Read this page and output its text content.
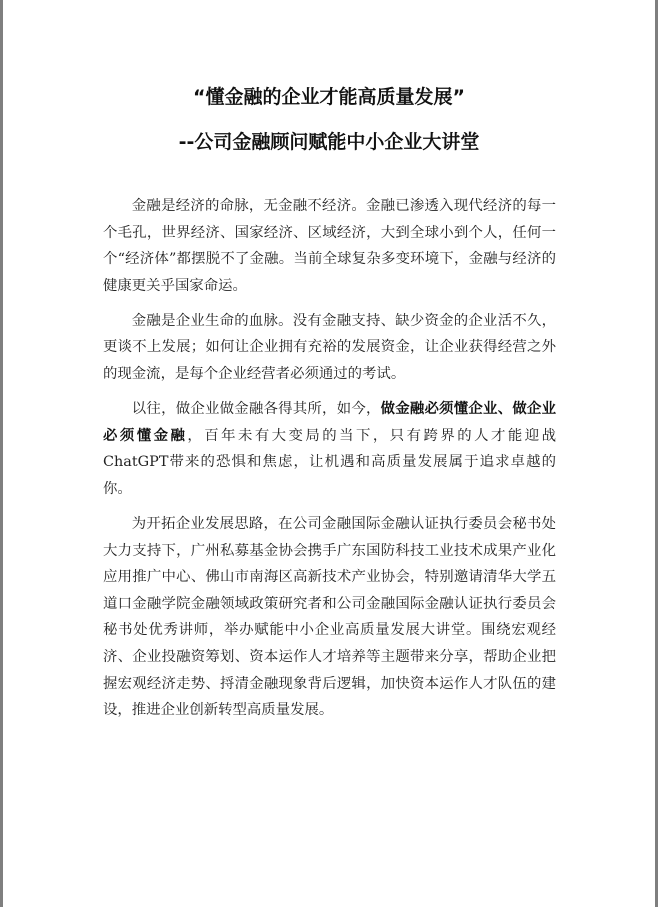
“懂金融的企业才能高质量发展”
--公司金融顾问赋能中小企业大讲堂

金融是经济的命脉，无金融不经济。金融已渗透入现代经济的每一个毛孔，世界经济、国家经济、区域经济，大到全球小到个人，任何一个“经济体”都摆脱不了金融。当前全球复杂多变环境下，金融与经济的健康更关乎国家命运。

金融是企业生命的血脉。没有金融支持、缺少资金的企业活不久，更谈不上发展；如何让企业拥有充裕的发展资金，让企业获得经营之外的现金流，是每个企业经营者必须通过的考试。

以往，做企业做金融各得其所，如今，做金融必须懂企业、做企业必须懂金融，百年未有大变局的当下，只有跨界的人才能迎战ChatGPT带来的恐惧和焦虑，让机遇和高质量发展属于追求卓越的你。

为开拓企业发展思路，在公司金融国际金融认证执行委员会秘书处大力支持下，广州私募基金协会携手广东国防科技工业技术成果产业化应用推广中心、佛山市南海区高新技术产业协会，特别邀请清华大学五道口金融学院金融领域政策研究者和公司金融国际金融认证执行委员会秘书处优秀讲师，举办赋能中小企业高质量发展大讲堂。围绕宏观经济、企业投融资筹划、资本运作人才培养等主题带来分享，帮助企业把握宏观经济走势、捋清金融现象背后逻辑，加快资本运作人才队伍的建设，推进企业创新转型高质量发展。
